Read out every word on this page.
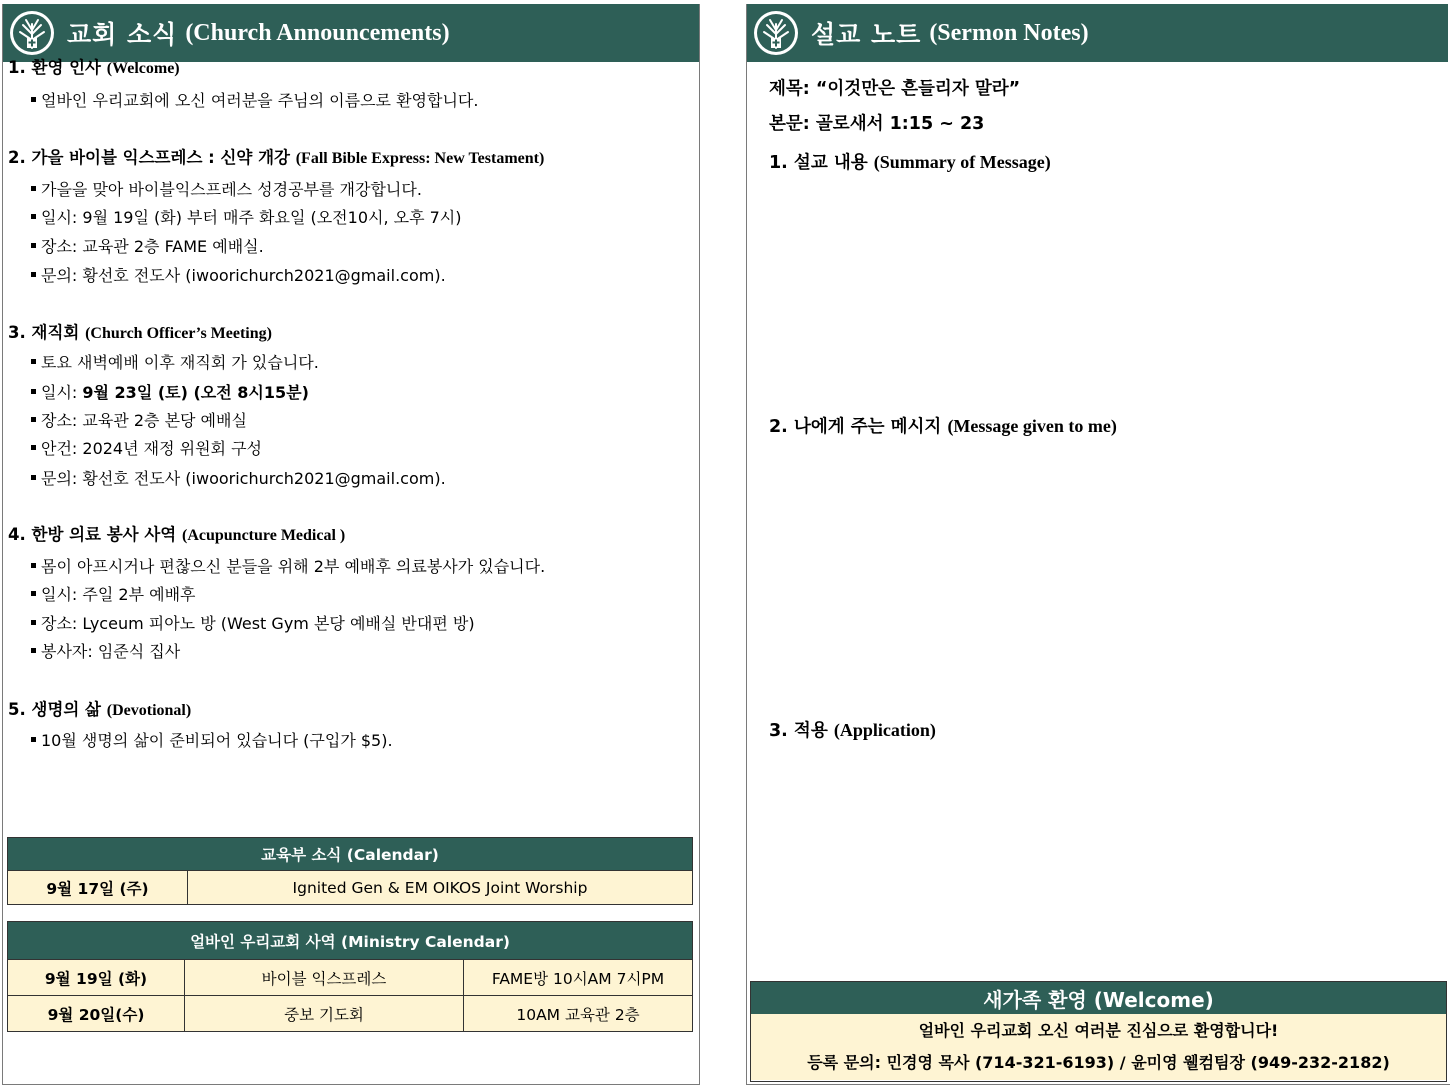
교회 소식 (Church Announcements)
1. 환영 인사 (Welcome)
얼바인 우리교회에 오신 여러분을 주님의 이름으로 환영합니다.
2. 가을 바이블 익스프레스 : 신약 개강 (Fall Bible Express: New Testament)
가을을 맞아 바이블익스프레스 성경공부를 개강합니다.
일시: 9월 19일 (화) 부터 매주 화요일 (오전10시, 오후 7시)
장소: 교육관 2층 FAME 예배실.
문의: 황선호 전도사 (iwoorichurch2021@gmail.com).
3. 재직회 (Church Officer’s Meeting)
토요 새벽예배 이후 재직회 가 있습니다.
일시: 9월 23일 (토) (오전 8시15분)
장소: 교육관 2층 본당 예배실
안건: 2024년 재정 위원회 구성
문의: 황선호 전도사 (iwoorichurch2021@gmail.com).
4. 한방 의료 봉사 사역 (Acupuncture Medical )
몸이 아프시거나 편찮으신 분들을 위해 2부 예배후 의료봉사가 있습니다.
일시: 주일 2부 예배후
장소: Lyceum 피아노 방 (West Gym 본당 예배실 반대편 방)
봉사자: 임준식 집사
5. 생명의 삶 (Devotional)
10월 생명의 삶이 준비되어 있습니다 (구입가 $5).
교육부 소식 (Calendar)
9월 17일 (주)	Ignited Gen & EM OIKOS Joint Worship
얼바인 우리교회 사역 (Ministry Calendar)		
9월 19일 (화)	바이블 익스프레스	FAME방 10시AM 7시PM
9월 20일(수)	중보 기도회	10AM 교육관 2층
설교 노트 (Sermon Notes)
제목: “이것만은 흔들리자 말라”
본문: 골로새서 1:15 ~ 23
1. 설교 내용 (Summary of Message)
2. 나에게 주는 메시지 (Message given to me)
3. 적용 (Application)
새가족 환영 (Welcome)
얼바인 우리교회 오신 여러분 진심으로 환영합니다!
등록 문의: 민경영 목사 (714-321-6193) / 윤미영 웰컴팀장 (949-232-2182)
